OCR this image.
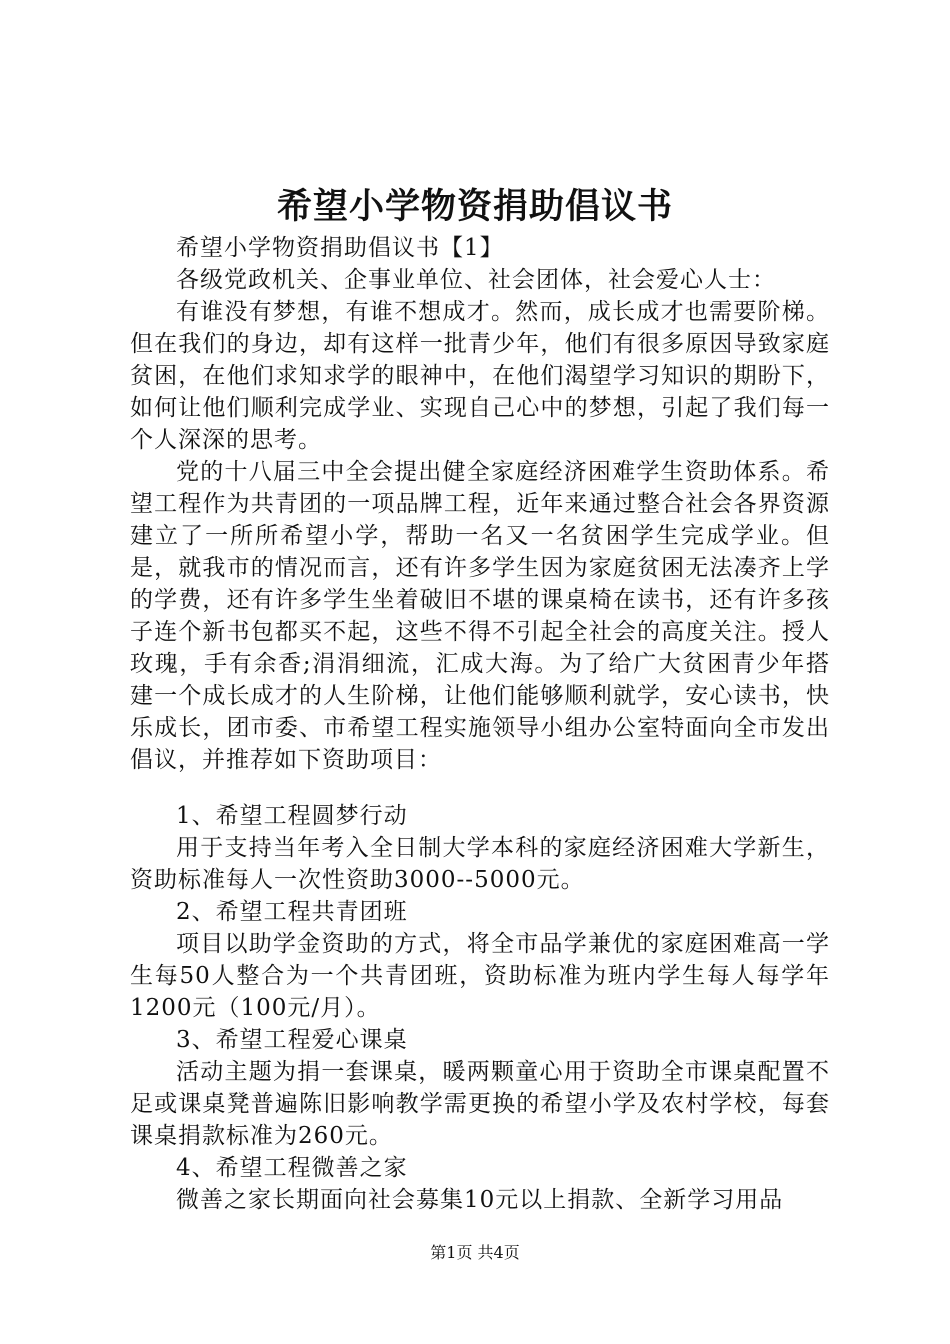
希望小学物资捐助倡议书

希望小学物资捐助倡议书【1】

各级党政机关、企事业单位、社会团体，社会爱心人士：

有谁没有梦想，有谁不想成才。然而，成长成才也需要阶梯。但在我们的身边，却有这样一批青少年，他们有很多原因导致家庭贫困，在他们求知求学的眼神中，在他们渴望学习知识的期盼下，如何让他们顺利完成学业、实现自己心中的梦想，引起了我们每一个人深深的思考。

党的十八届三中全会提出健全家庭经济困难学生资助体系。希望工程作为共青团的一项品牌工程，近年来通过整合社会各界资源建立了一所所希望小学，帮助一名又一名贫困学生完成学业。但是，就我市的情况而言，还有许多学生因为家庭贫困无法凑齐上学的学费，还有许多学生坐着破旧不堪的课桌椅在读书，还有许多孩子连个新书包都买不起，这些不得不引起全社会的高度关注。授人玫瑰，手有余香;涓涓细流，汇成大海。为了给广大贫困青少年搭建一个成长成才的人生阶梯，让他们能够顺利就学，安心读书，快乐成长，团市委、市希望工程实施领导小组办公室特面向全市发出倡议，并推荐如下资助项目：

1、希望工程圆梦行动

用于支持当年考入全日制大学本科的家庭经济困难大学新生，资助标准每人一次性资助3000--5000元。

2、希望工程共青团班

项目以助学金资助的方式，将全市品学兼优的家庭困难高一学生每50人整合为一个共青团班，资助标准为班内学生每人每学年1200元（100元/月）。

3、希望工程爱心课桌

活动主题为捐一套课桌，暖两颗童心用于资助全市课桌配置不足或课桌凳普遍陈旧影响教学需更换的希望小学及农村学校，每套课桌捐款标准为260元。

4、希望工程微善之家

微善之家长期面向社会募集10元以上捐款、全新学习用品

第1页 共4页
